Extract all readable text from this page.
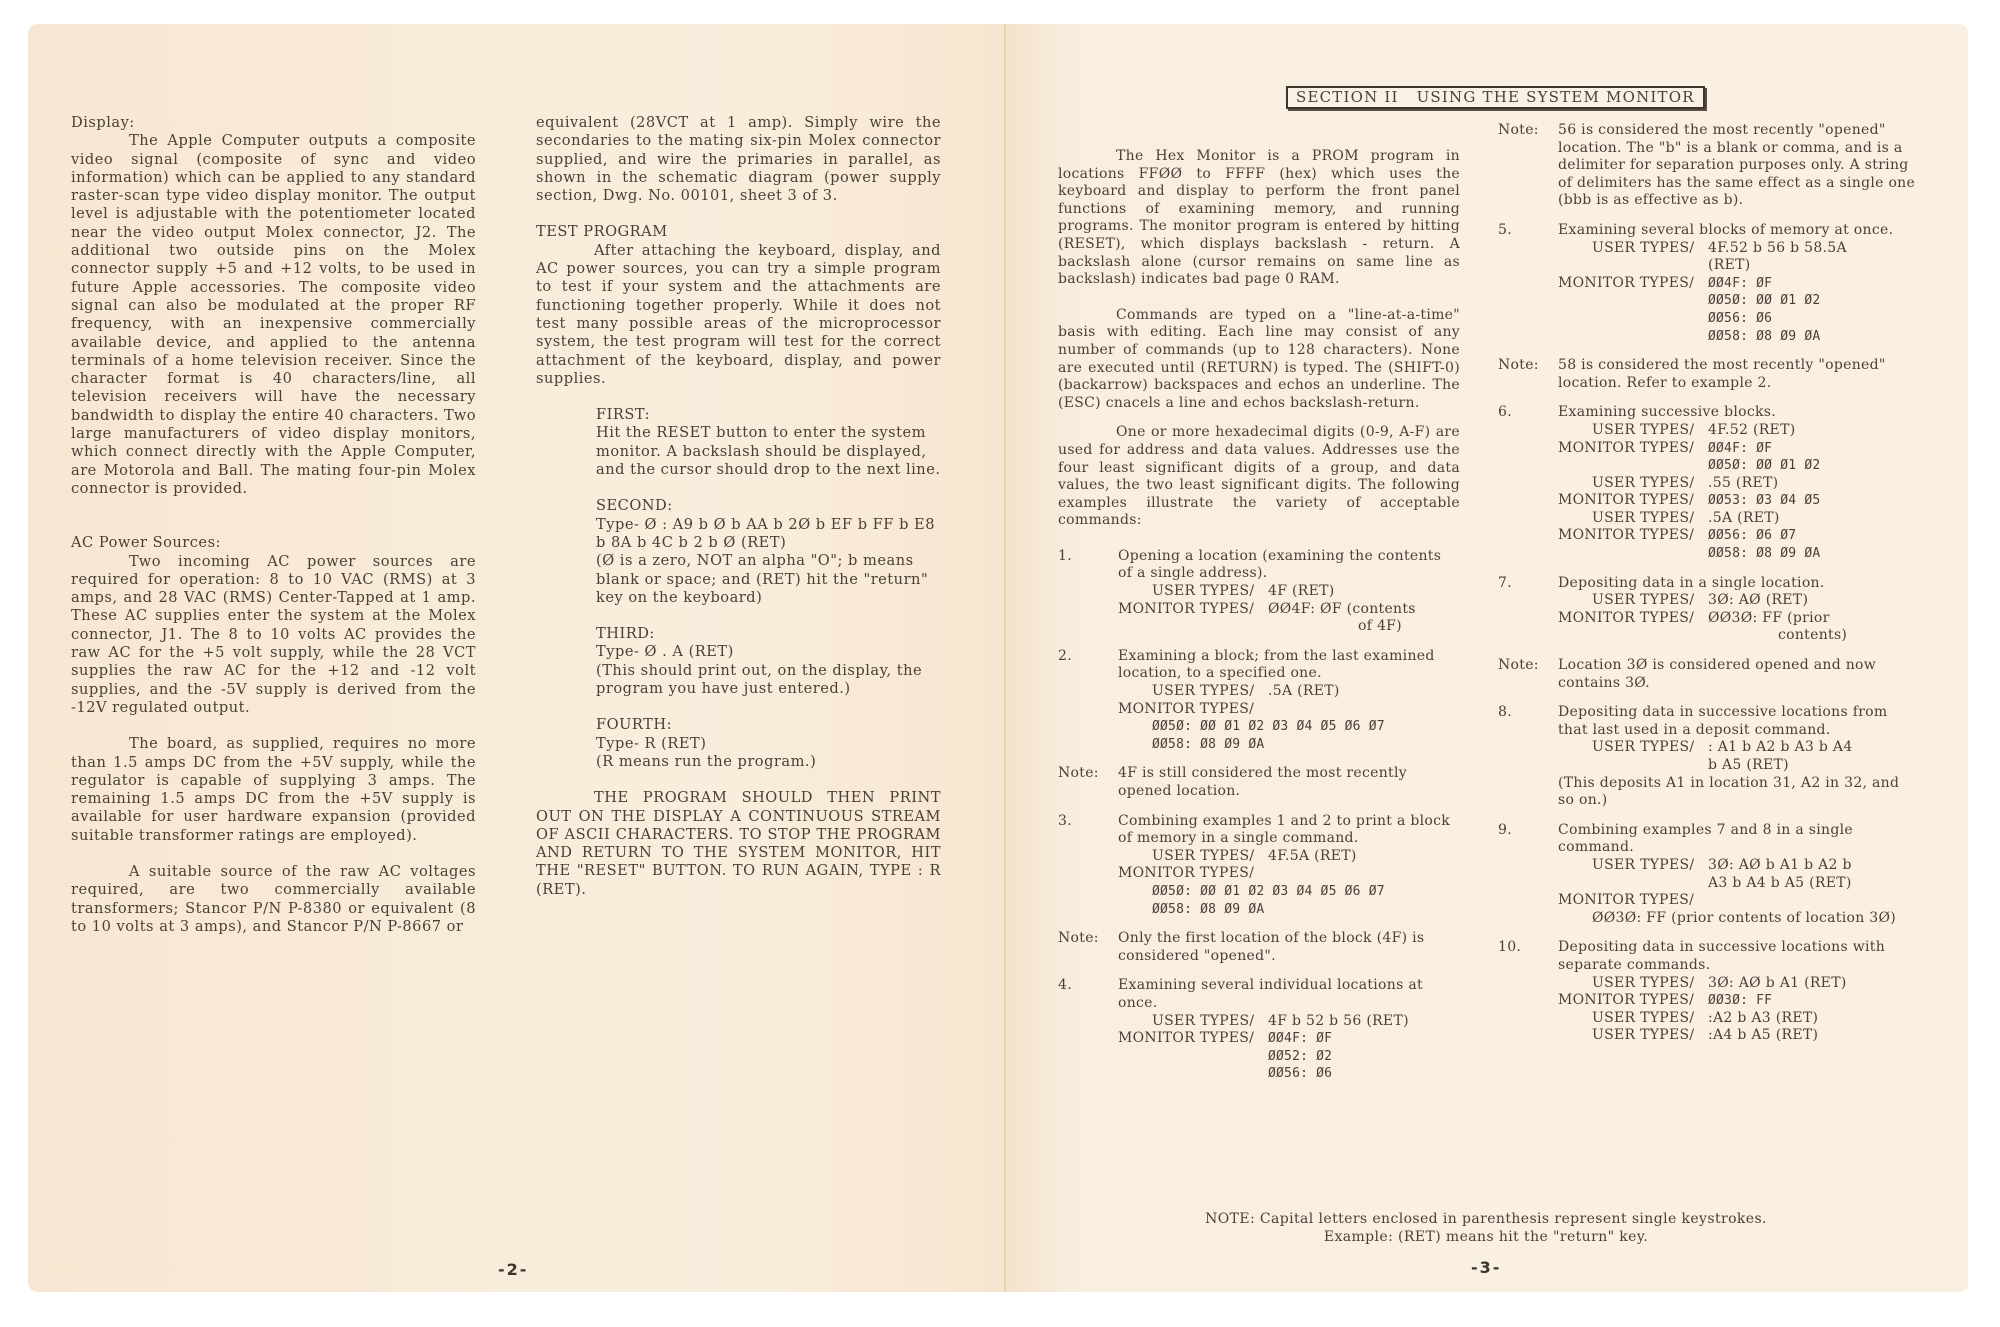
Display:

The Apple Computer outputs a composite video signal (composite of sync and video information) which can be applied to any standard raster-scan type video display monitor. The output level is adjustable with the potentiometer located near the video output Molex connector, J2. The additional two outside pins on the Molex connector supply +5 and +12 volts, to be used in future Apple accessories. The composite video signal can also be modulated at the proper RF frequency, with an inexpensive commercially available device, and applied to the antenna terminals of a home television receiver. Since the character format is 40 characters/line, all television receivers will have the necessary bandwidth to display the entire 40 characters. Two large manufacturers of video display monitors, which connect directly with the Apple Computer, are Motorola and Ball. The mating four-pin Molex connector is provided.

AC Power Sources:

Two incoming AC power sources are required for operation: 8 to 10 VAC (RMS) at 3 amps, and 28 VAC (RMS) Center-Tapped at 1 amp. These AC supplies enter the system at the Molex connector, J1. The 8 to 10 volts AC provides the raw AC for the +5 volt supply, while the 28 VCT supplies the raw AC for the +12 and -12 volt supplies, and the -5V supply is derived from the -12V regulated output.

The board, as supplied, requires no more than 1.5 amps DC from the +5V supply, while the regulator is capable of supplying 3 amps. The remaining 1.5 amps DC from the +5V supply is available for user hardware expansion (provided suitable transformer ratings are employed).

A suitable source of the raw AC voltages required, are two commercially available transformers; Stancor P/N P-8380 or equivalent (8 to 10 volts at 3 amps), and Stancor P/N P-8667 or

equivalent (28VCT at 1 amp). Simply wire the secondaries to the mating six-pin Molex connector supplied, and wire the primaries in parallel, as shown in the schematic diagram (power supply section, Dwg. No. 00101, sheet 3 of 3.

TEST PROGRAM

After attaching the keyboard, display, and AC power sources, you can try a simple program to test if your system and the attachments are functioning together properly. While it does not test many possible areas of the microprocessor system, the test program will test for the correct attachment of the keyboard, display, and power supplies.

FIRST:

Hit the RESET button to enter the system monitor. A backslash should be displayed, and the cursor should drop to the next line.

SECOND:

Type- Ø : A9 b Ø b AA b 2Ø b EF b FF b E8 b 8A b 4C b 2 b Ø (RET)

(Ø is a zero, NOT an alpha "O"; b means blank or space; and (RET) hit the "return" key on the keyboard)

THIRD:

Type- Ø . A (RET)

(This should print out, on the display, the program you have just entered.)

FOURTH:

Type- R (RET)

(R means run the program.)

THE PROGRAM SHOULD THEN PRINT OUT ON THE DISPLAY A CONTINUOUS STREAM OF ASCII CHARACTERS. TO STOP THE PROGRAM AND RETURN TO THE SYSTEM MONITOR, HIT THE "RESET" BUTTON. TO RUN AGAIN, TYPE : R (RET).

-2-
SECTION II   USING THE SYSTEM MONITOR

The Hex Monitor is a PROM program in locations FFØØ to FFFF (hex) which uses the keyboard and display to perform the front panel functions of examining memory, and running programs. The monitor program is entered by hitting (RESET), which displays backslash - return. A backslash alone (cursor remains on same line as backslash) indicates bad page 0 RAM.

Commands are typed on a "line-at-a-time" basis with editing. Each line may consist of any number of commands (up to 128 characters). None are executed until (RETURN) is typed. The (SHIFT-0) (backarrow) backspaces and echos an underline. The (ESC) cnacels a line and echos backslash-return.

One or more hexadecimal digits (0-9, A-F) are used for address and data values. Addresses use the four least significant digits of a group, and data values, the two least significant digits. The following examples illustrate the variety of acceptable commands:

1.	Opening a location (examining the contents of a single address).

USER TYPES/ 4F (RET)
MONITOR TYPES/ ØØ4F: ØF (contents
of 4F)
2.	Examining a block; from the last examined location, to a specified one.

USER TYPES/ .5A (RET)

MONITOR TYPES/

ØØ5Ø: ØØ Ø1 Ø2 Ø3 Ø4 Ø5 Ø6 Ø7

ØØ58: Ø8 Ø9 ØA

Note:	4F is still considered the most recently opened location.

3.	Combining examples 1 and 2 to print a block of memory in a single command.

USER TYPES/ 4F.5A (RET)

MONITOR TYPES/

ØØ5Ø: ØØ Ø1 Ø2 Ø3 Ø4 Ø5 Ø6 Ø7

ØØ58: Ø8 Ø9 ØA

Note:	Only the first location of the block (4F) is considered "opened".

4.	Examining several individual locations at once.

USER TYPES/ 4F b 52 b 56 (RET)
MONITOR TYPES/	ØØ4F: ØF
ØØ52: Ø2
ØØ56: Ø6
Note:	56 is considered the most recently "opened" location. The "b" is a blank or comma, and is a delimiter for separation purposes only. A string of delimiters has the same effect as a single one (bbb is as effective as b).

5.	Examining several blocks of memory at once.

USER TYPES/ 4F.52 b 56 b 58.5A
(RET)
MONITOR TYPES/	ØØ4F: ØF
ØØ5Ø: ØØ Ø1 Ø2
ØØ56: Ø6
ØØ58: Ø8 Ø9 ØA
Note:	58 is considered the most recently "opened" location. Refer to example 2.

6.	Examining successive blocks.

USER TYPES/ 4F.52 (RET)
MONITOR TYPES/	ØØ4F: ØF
ØØ5Ø: ØØ Ø1 Ø2
USER TYPES/ .55 (RET)
MONITOR TYPES/	ØØ53: Ø3 Ø4 Ø5
USER TYPES/ .5A (RET)
MONITOR TYPES/	ØØ56: Ø6 Ø7
ØØ58: Ø8 Ø9 ØA
7.	Depositing data in a single location.

USER TYPES/ 3Ø: AØ (RET)
MONITOR TYPES/ ØØ3Ø: FF (prior
contents)
Note:	Location 3Ø is considered opened and now contains 3Ø.

8.	Depositing data in successive locations from that last used in a deposit command.

USER TYPES/ : A1 b A2 b A3 b A4
b A5 (RET)

(This deposits A1 in location 31, A2 in 32, and so on.)

9.	Combining examples 7 and 8 in a single command.

USER TYPES/ 3Ø: AØ b A1 b A2 b
A3 b A4 b A5 (RET)

MONITOR TYPES/

ØØ3Ø: FF (prior contents of location 3Ø)

10.	Depositing data in successive locations with separate commands.

USER TYPES/ 3Ø: AØ b A1 (RET)
MONITOR TYPES/	ØØ3Ø: FF
USER TYPES/ :A2 b A3 (RET)
USER TYPES/ :A4 b A5 (RET)

NOTE: Capital letters enclosed in parenthesis represent single keystrokes.

Example: (RET) means hit the "return" key.

-3-
